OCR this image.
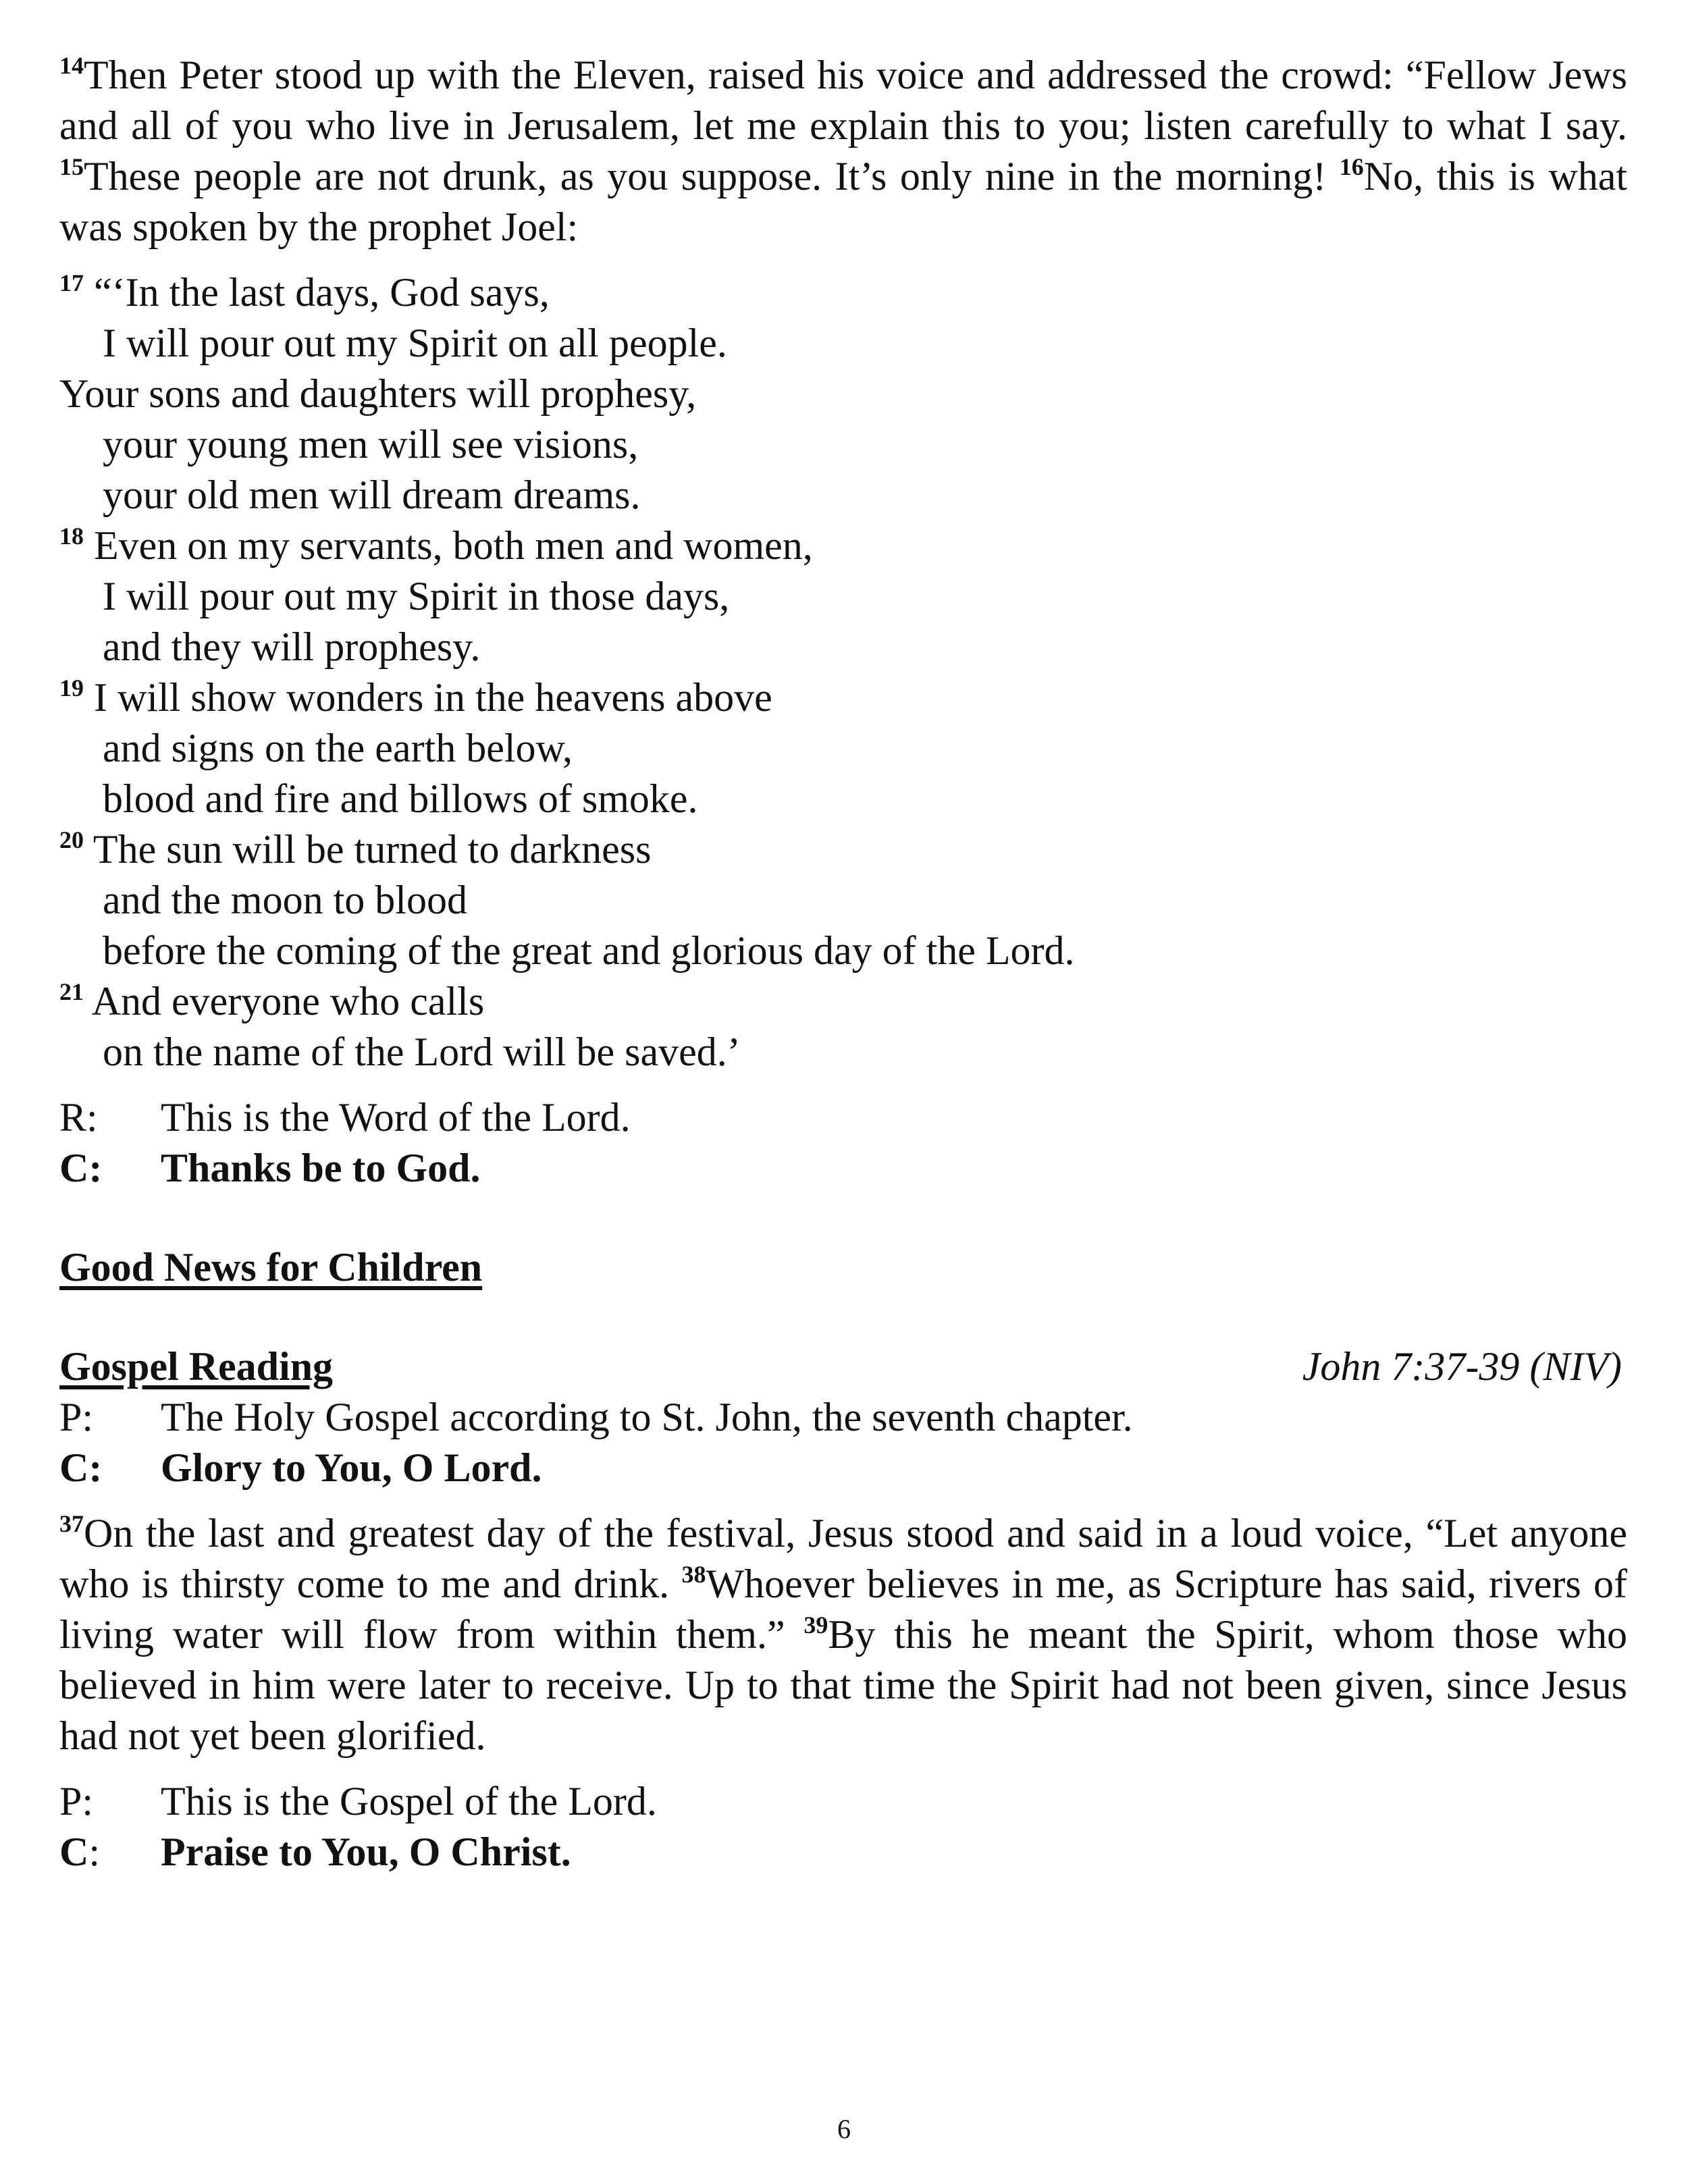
$^{14}$Then Peter stood up with the Eleven, raised his voice and addressed the crowd: “Fellow Jews and all of you who live in Jerusalem, let me explain this to you; listen carefully to what I say. $^{15}$These people are not drunk, as you suppose. It’s only nine in the morning! $^{16}$No, this is what was spoken by the prophet Joel:

$^{17}$ “‘In the last days, God says,
I will pour out my Spirit on all people.
Your sons and daughters will prophesy,
your young men will see visions,
your old men will dream dreams.
$^{18}$ Even on my servants, both men and women,
I will pour out my Spirit in those days,
and they will prophesy.
$^{19}$ I will show wonders in the heavens above
and signs on the earth below,
blood and fire and billows of smoke.
$^{20}$ The sun will be turned to darkness
and the moon to blood
before the coming of the great and glorious day of the Lord.
$^{21}$ And everyone who calls
on the name of the Lord will be saved.’
R:	This is the Word of the Lord.
C:	Thanks be to God.
Good News for Children
Gospel Reading	John 7:37-39 (NIV)
P:	The Holy Gospel according to St. John, the seventh chapter.
C:	Glory to You, O Lord.

$^{37}$On the last and greatest day of the festival, Jesus stood and said in a loud voice, “Let anyone who is thirsty come to me and drink. $^{38}$Whoever believes in me, as Scripture has said, rivers of living water will flow from within them.” $^{39}$By this he meant the Spirit, whom those who believed in him were later to receive. Up to that time the Spirit had not been given, since Jesus had not yet been glorified.

P:	This is the Gospel of the Lord.
C:	Praise to You, O Christ.
6
